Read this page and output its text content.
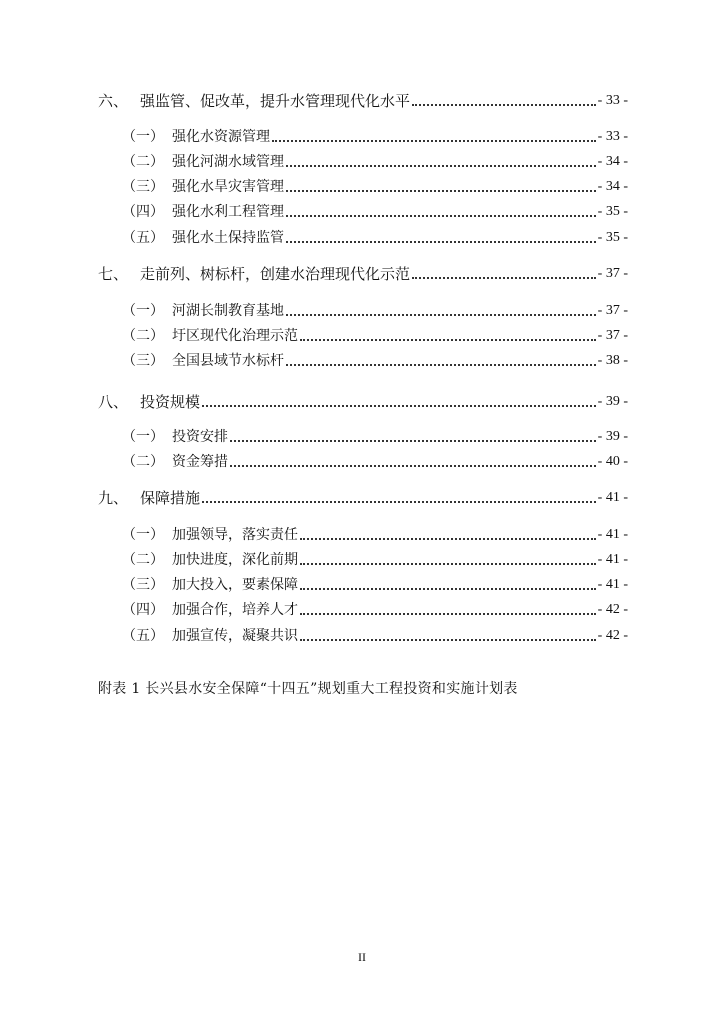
六、 强监管、促改革，提升水管理现代化水平	- 33 -
（一） 强化水资源管理	- 33 -
（二） 强化河湖水域管理	- 34 -
（三） 强化水旱灾害管理	- 34 -
（四） 强化水利工程管理	- 35 -
（五） 强化水土保持监管	- 35 -
七、 走前列、树标杆，创建水治理现代化示范	- 37 -
（一） 河湖长制教育基地	- 37 -
（二） 圩区现代化治理示范	- 37 -
（三） 全国县域节水标杆	- 38 -
八、 投资规模	- 39 -
（一） 投资安排	- 39 -
（二） 资金筹措	- 40 -
九、 保障措施	- 41 -
（一） 加强领导，落实责任	- 41 -
（二） 加快进度，深化前期	- 41 -
（三） 加大投入，要素保障	- 41 -
（四） 加强合作，培养人才	- 42 -
（五） 加强宣传，凝聚共识	- 42 -
附表 1 长兴县水安全保障“十四五”规划重大工程投资和实施计划表
II
